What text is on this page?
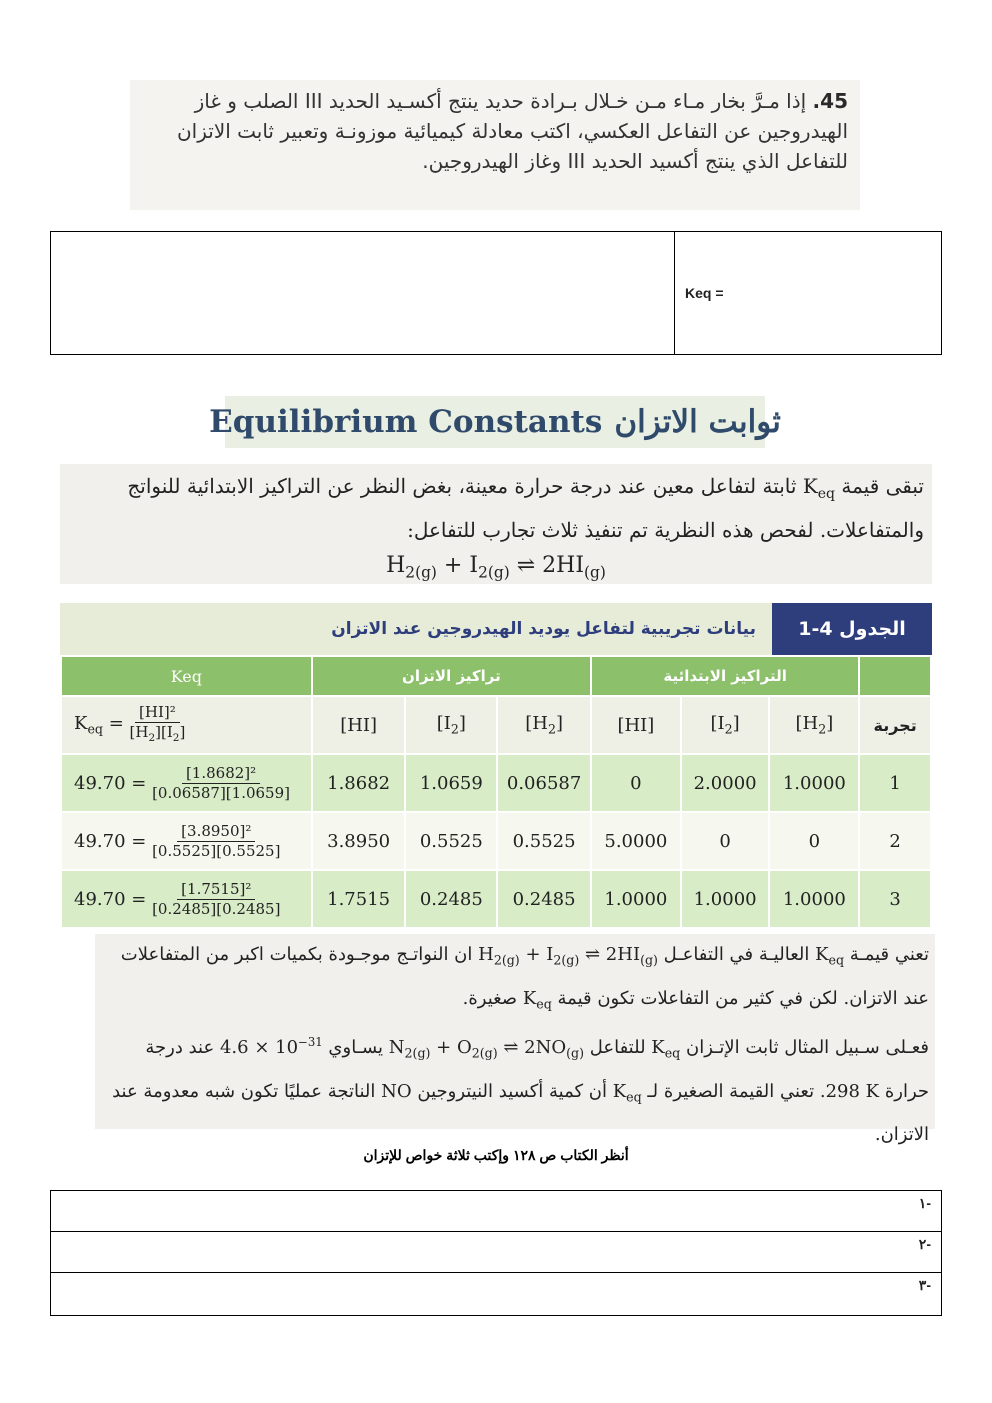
45. إذا مـرَّ بخار مـاء مـن خـلال بـرادة حديد ينتج أكسـيد الحديد III الصلب و غاز الهيدروجين عن التفاعل العكسي، اكتب معادلة كيميائية موزونـة وتعبير ثابت الاتزان للتفاعل الذي ينتج أكسيد الحديد III وغاز الهيدروجين.
Keq =
Equilibrium Constants ثوابت الاتزان
تبقى قيمة $K_{eq}$ ثابتة لتفاعل معين عند درجة حرارة معينة، بغض النظر عن التراكيز الابتدائية للنواتج والمتفاعلات. لفحص هذه النظرية تم تنفيذ ثلاث تجارب للتفاعل:
$H_{2(g)} + I_{2(g)}$ ⇌ $2HI_{(g)}$
الجدول 4-1
بيانات تجريبية لتفاعل يوديد الهيدروجين عند الاتزان
Keq	تراكيز الاتزان			التراكيز الابتدائية			
$K_{eq} = \frac{\text{[HI]²}}{[H_2][I_2]}$	[HI]	$[I_2]$	$[H_2]$	[HI]	$[I_2]$	$[H_2]$	تجربة
$49.70 = \frac{\text{[1.8682]²}}{[0.06587][1.0659]}$	1.8682	1.0659	0.06587	0	2.0000	1.0000	1
$49.70 = \frac{\text{[3.8950]²}}{[0.5525][0.5525]}$	3.8950	0.5525	0.5525	5.0000	0	0	2
$49.70 = \frac{\text{[1.7515]²}}{[0.2485][0.2485]}$	1.7515	0.2485	0.2485	1.0000	1.0000	1.0000	3
تعني قيمـة $K_{eq}$ العاليـة في التفاعـل $H_{2(g)} + I_{2(g)}$ ⇌ $2HI_{(g)}$ ان النواتـج موجـودة بكميات اكبر من المتفاعلات عند الاتزان. لكن في كثير من التفاعلات تكون قيمة $K_{eq}$ صغيرة.
فعـلى سـبيل المثال ثابت الإتـزان $K_{eq}$ للتفاعل $N_{2(g)} + O_{2(g)}$ ⇌ $2NO_{(g)}$ يسـاوي $4.6 \times 10^{-31}$ عند درجة حرارة 298 K. تعني القيمة الصغيرة لـ $K_{eq}$ أن كمية أكسيد النيتروجين NO الناتجة عمليًا تكون شبه معدومة عند الاتزان.
أنظر الكتاب ص ١٢٨ وإكتب ثلاثة خواص للإتزان
-١
-٢
-٣
